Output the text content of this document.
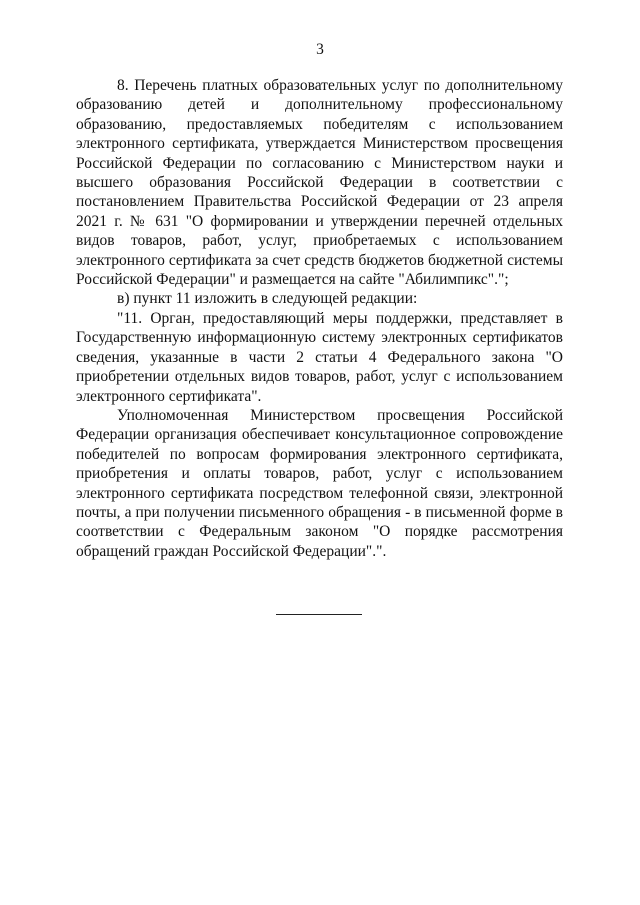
3

8. Перечень платных образовательных услуг по дополнительному образованию детей и дополнительному профессиональному образованию, предоставляемых победителям с использованием электронного сертификата, утверждается Министерством просвещения Российской Федерации по согласованию с Министерством науки и высшего образования Российской Федерации в соответствии с постановлением Правительства Российской Федерации от 23 апреля 2021 г. № 631 "О формировании и утверждении перечней отдельных видов товаров, работ, услуг, приобретаемых с использованием электронного сертификата за счет средств бюджетов бюджетной системы Российской Федерации" и размещается на сайте "Абилимпикс".";

в) пункт 11 изложить в следующей редакции:

"11. Орган, предоставляющий меры поддержки, представляет в Государственную информационную систему электронных сертификатов сведения, указанные в части 2 статьи 4 Федерального закона "О приобретении отдельных видов товаров, работ, услуг с использованием электронного сертификата".

Уполномоченная Министерством просвещения Российской Федерации организация обеспечивает консультационное сопровождение победителей по вопросам формирования электронного сертификата, приобретения и оплаты товаров, работ, услуг с использованием электронного сертификата посредством телефонной связи, электронной почты, а при получении письменного обращения - в письменной форме в соответствии с Федеральным законом "О порядке рассмотрения обращений граждан Российской Федерации".".
